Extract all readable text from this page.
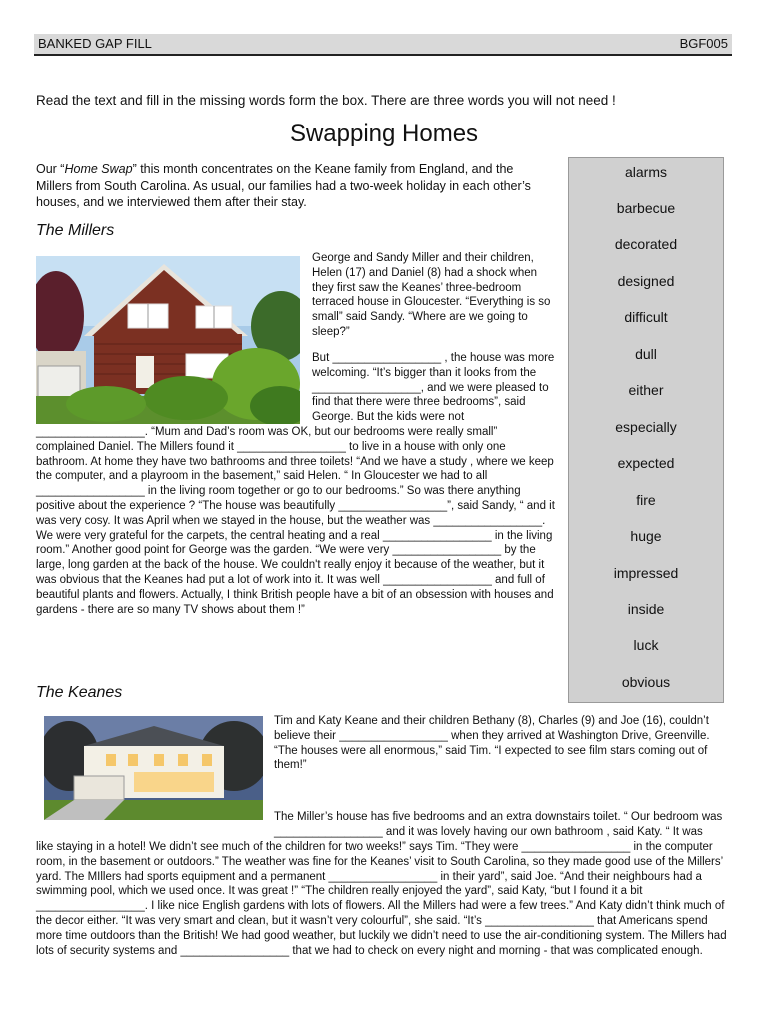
BANKED GAP FILL	BGF005
Read the text and fill in the missing words form the box. There are three words you will not need !
Swapping Homes
Our “Home Swap” this month concentrates on the Keane family from England, and the Millers from South Carolina. As usual, our families had a two-week holiday in each other’s houses, and we interviewed them after their stay.
The Millers
George and Sandy Miller and their children, Helen (17) and Daniel (8) had a shock when they first saw the Keanes’ three-bedroom terraced house in Gloucester. “Everything is so small” said Sandy. “Where are we going to sleep?”
But _________________ , the house was more welcoming. “It’s bigger than it looks from the _________________, and we were pleased to find that there were three bedrooms”, said George. But the kids were not
_________________. “Mum and Dad’s room was OK, but our bedrooms were really small” complained Daniel. The Millers found it _________________ to live in a house with only one bathroom. At home they have two bathrooms and three toilets! “And we have a study , where we keep the computer, and a playroom in the basement,” said Helen. “ In Gloucester we had to all _________________ in the living room together or go to our bedrooms.” So was there anything positive about the experience ? “The house was beautifully _________________”, said Sandy, “ and it was very cosy. It was April when we stayed in the house, but the weather was _________________. We were very grateful for the carpets, the central heating and a real _________________ in the living room.” Another good point for George was the garden. “We were very _________________ by the large, long garden at the back of the house. We couldn't really enjoy it because of the weather, but it was obvious that the Keanes had put a lot of work into it. It was well _________________ and full of beautiful plants and flowers. Actually, I think British people have a bit of an obsession with houses and gardens - there are so many TV shows about them !”
The Keanes
Tim and Katy Keane and their children Bethany (8), Charles (9) and Joe (16), couldn’t believe their _________________ when they arrived at Washington Drive, Greenville. “The houses were all enormous,” said Tim. “I expected to see film stars coming out of them!”
The Miller’s house has five bedrooms and an extra downstairs toilet. “ Our bedroom was _________________ and it was lovely having our own bathroom , said Katy. “ It was
like staying in a hotel! We didn’t see much of the children for two weeks!” says Tim. “They were _________________ in the computer room, in the basement or outdoors.” The weather was fine for the Keanes’ visit to South Carolina, so they made good use of the Millers’ yard. The MIllers had sports equipment and a permanent _________________ in their yard”, said Joe. “And their neighbours had a swimming pool, which we used once. It was great !” “The children really enjoyed the yard”, said Katy, “but I found it a bit _________________. I like nice English gardens with lots of flowers. All the Millers had were a few trees.” And Katy didn’t think much of the decor either. “It was very smart and clean, but it wasn’t very colourful”, she said. “It’s _________________ that Americans spend more time outdoors than the British! We had good weather, but luckily we didn’t need to use the air-conditioning system. The Millers had lots of security systems and _________________ that we had to check on every night and morning - that was complicated enough.
alarms
barbecue
decorated
designed
difficult
dull
either
especially
expected
fire
huge
impressed
inside
luck
obvious
